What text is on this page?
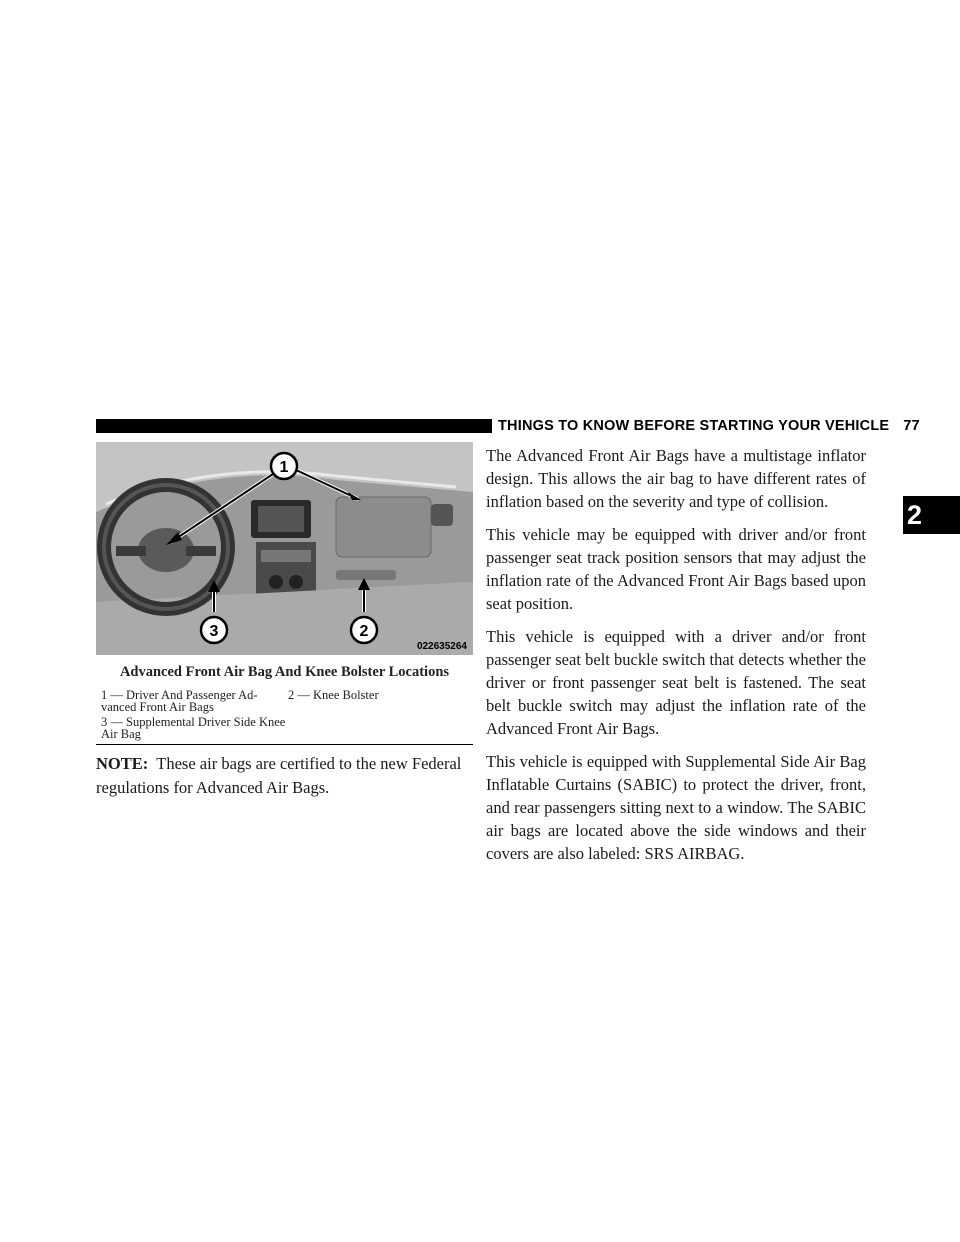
THINGS TO KNOW BEFORE STARTING YOUR VEHICLE 77
2
1
3	2
022635264
Advanced Front Air Bag And Knee Bolster Locations
1 — Driver And Passenger Ad-vanced Front Air Bags
2 — Knee Bolster
3 — Supplemental Driver Side Knee Air Bag
NOTE: These air bags are certified to the new Federal regulations for Advanced Air Bags.

The Advanced Front Air Bags have a multistage inflator design. This allows the air bag to have different rates of inflation based on the severity and type of collision.

This vehicle may be equipped with driver and/or front passenger seat track position sensors that may adjust the inflation rate of the Advanced Front Air Bags based upon seat position.

This vehicle is equipped with a driver and/or front passenger seat belt buckle switch that detects whether the driver or front passenger seat belt is fastened. The seat belt buckle switch may adjust the inflation rate of the Advanced Front Air Bags.

This vehicle is equipped with Supplemental Side Air Bag Inflatable Curtains (SABIC) to protect the driver, front, and rear passengers sitting next to a window. The SABIC air bags are located above the side windows and their covers are also labeled: SRS AIRBAG.
